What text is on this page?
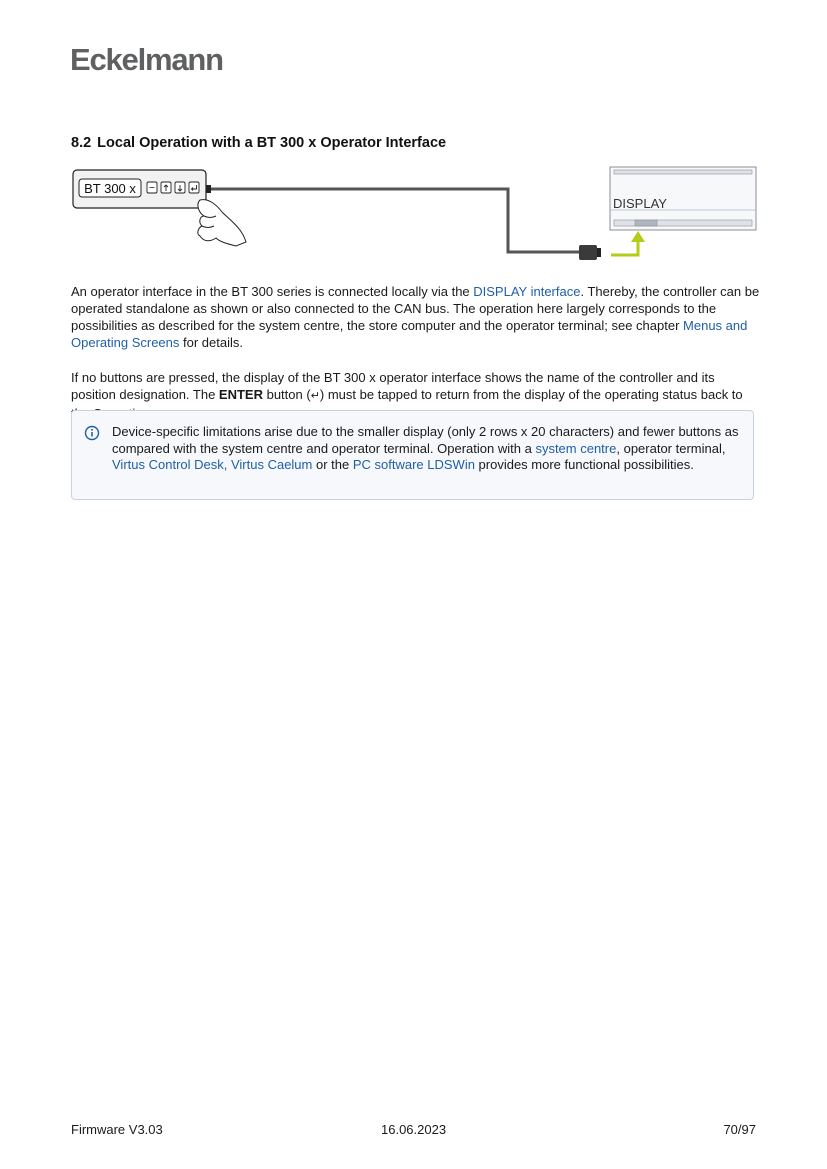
Eckelmann
8.2 Local Operation with a BT 300 x Operator Interface
BT 300 x
DISPLAY

An operator interface in the BT 300 series is connected locally via the DISPLAY interface. Thereby, the controller can be operated standalone as shown or also connected to the CAN bus. The operation here largely corresponds to the possibilities as described for the system centre, the store computer and the operator terminal; see chapter Menus and Operating Screens for details.

If no buttons are pressed, the display of the BT 300 x operator interface shows the name of the controller and its position designation. The ENTER button (↵) must be tapped to return from the display of the operating status back to

Device-specific limitations arise due to the smaller display (only 2 rows x 20 characters) and fewer buttons as compared with the system centre and operator terminal. Operation with a system centre, operator terminal, Virtus Control Desk, Virtus Caelum or the PC software LDSWin provides more functional possibilities.

Firmware V3.03	16.06.2023	70/97
